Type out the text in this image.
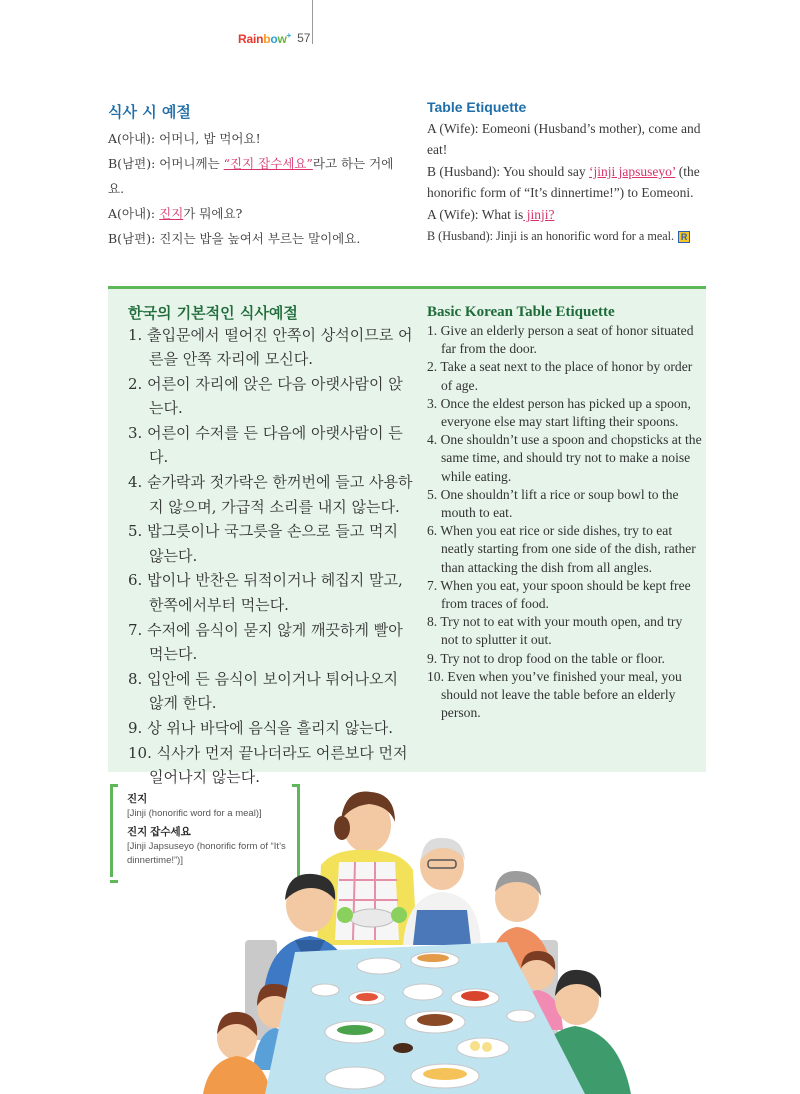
Rainbow+ 57
식사 시 예절

A(아내): 어머니, 밥 먹어요!

B(남편): 어머니께는 “진지 잡수세요”라고 하는 거에요.

A(아내): 진지가 뭐에요?

B(남편): 진지는 밥을 높여서 부르는 말이에요.

Table Etiquette

A (Wife): Eomeoni (Husband’s mother), come and eat!

B (Husband): You should say ‘jinji japsuseyo’ (the honorific form of “It’s dinnertime!”) to Eomeoni.

A (Wife): What is jinji?

B (Husband): Jinji is an honorific word for a meal. R

한국의 기본적인 식사예절
1. 출입문에서 떨어진 안쪽이 상석이므로 어른을 안쪽 자리에 모신다.
2. 어른이 자리에 앉은 다음 아랫사람이 앉는다.
3. 어른이 수저를 든 다음에 아랫사람이 든다.
4. 숟가락과 젓가락은 한꺼번에 들고 사용하지 않으며, 가급적 소리를 내지 않는다.
5. 밥그릇이나 국그릇을 손으로 들고 먹지 않는다.
6. 밥이나 반찬은 뒤적이거나 헤집지 말고, 한쪽에서부터 먹는다.
7. 수저에 음식이 묻지 않게 깨끗하게 빨아 먹는다.
8. 입안에 든 음식이 보이거나 튀어나오지 않게 한다.
9. 상 위나 바닥에 음식을 흘리지 않는다.
10. 식사가 먼저 끝나더라도 어른보다 먼저 일어나지 않는다.
Basic Korean Table Etiquette
1. Give an elderly person a seat of honor situated far from the door.
2. Take a seat next to the place of honor by order of age.
3. Once the eldest person has picked up a spoon, everyone else may start lifting their spoons.
4. One shouldn’t use a spoon and chopsticks at the same time, and should try not to make a noise while eating.
5. One shouldn’t lift a rice or soup bowl to the mouth to eat.
6. When you eat rice or side dishes, try to eat neatly starting from one side of the dish, rather than attacking the dish from all angles.
7. When you eat, your spoon should be kept free from traces of food.
8. Try not to eat with your mouth open, and try not to splutter it out.
9. Try not to drop food on the table or floor.
10. Even when you’ve finished your meal, you should not leave the table before an elderly person.
진지
[Jinji (honorific word for a meal)]
진지 잡수세요
[Jinji Japsuseyo (honorific form of “It’s dinnertime!”)]
